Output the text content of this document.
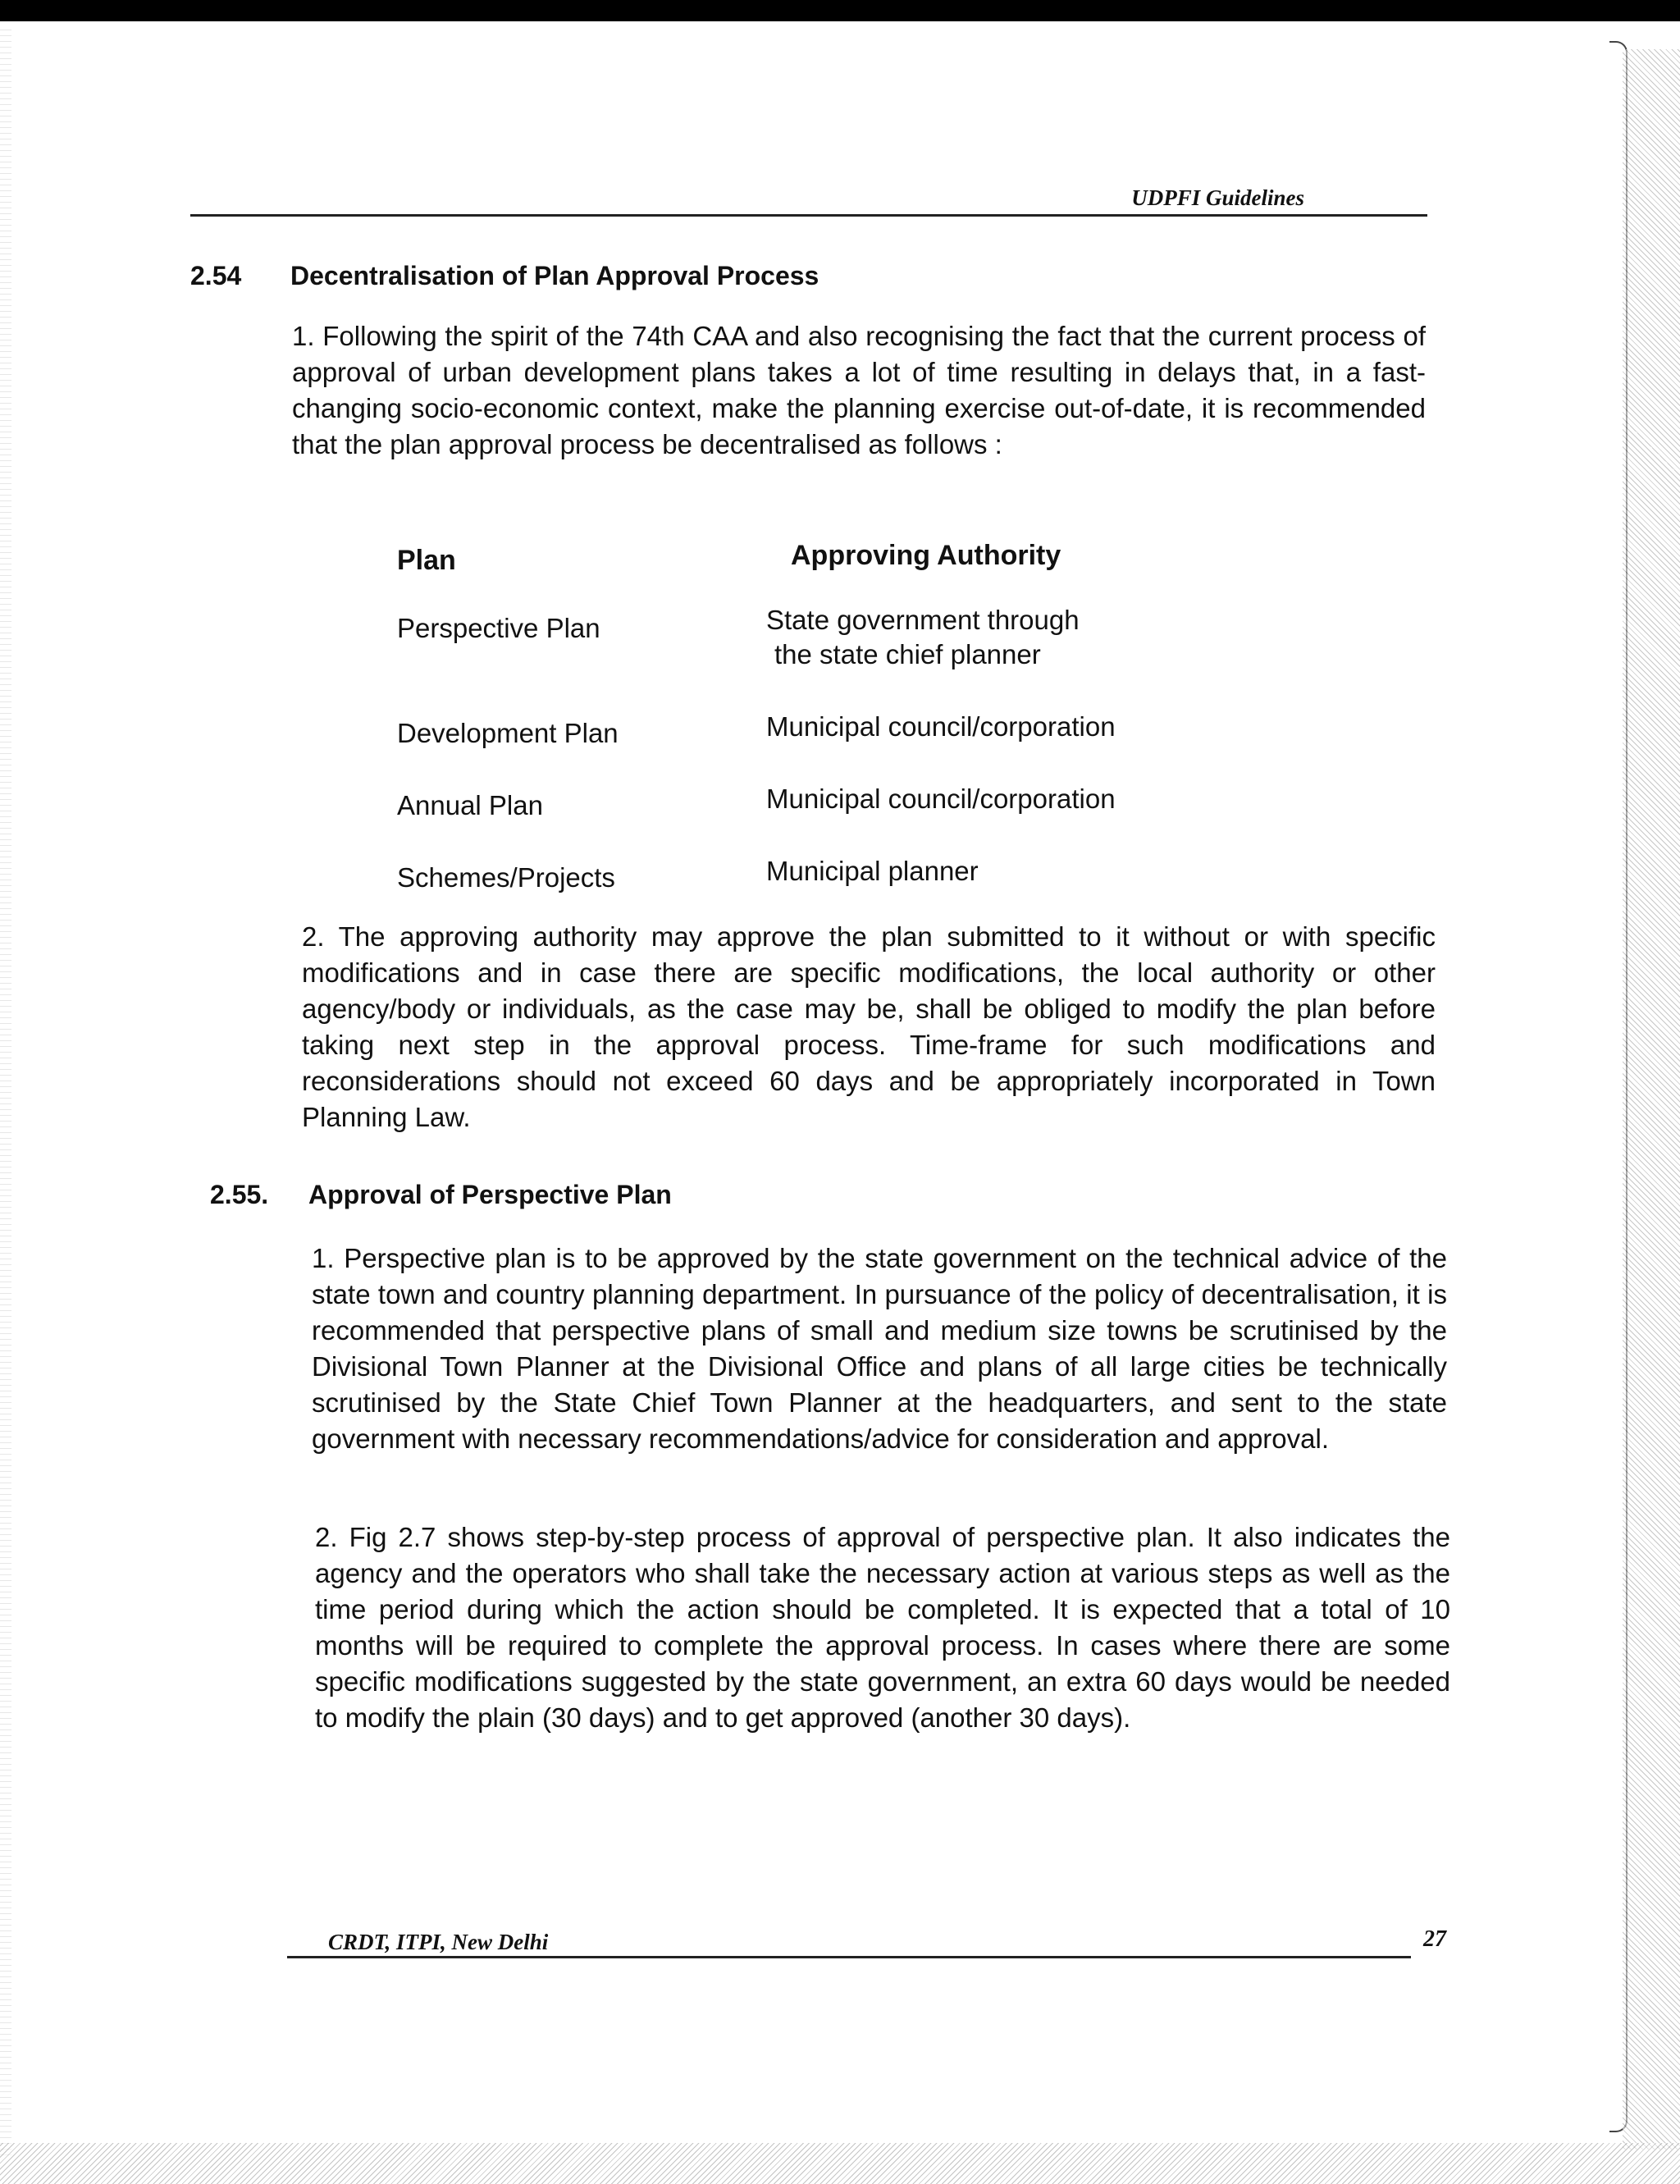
UDPFI Guidelines
2.54 Decentralisation of Plan Approval Process
1. Following the spirit of the 74th CAA and also recognising the fact that the current process of approval of urban development plans takes a lot of time resulting in delays that, in a fast-changing socio-economic context, make the planning exercise out-of-date, it is recommended that the plan approval process be decentralised as follows :
Plan	Approving Authority
Perspective Plan	State government through
the state chief planner
Development Plan	Municipal council/corporation
Annual Plan	Municipal council/corporation
Schemes/Projects	Municipal planner
2. The approving authority may approve the plan submitted to it without or with specific modifications and in case there are specific modifications, the local authority or other agency/body or individuals, as the case may be, shall be obliged to modify the plan before taking next step in the approval process. Time-frame for such modifications and reconsiderations should not exceed 60 days and be appropriately incorporated in Town Planning Law.
2.55. Approval of Perspective Plan
1. Perspective plan is to be approved by the state government on the technical advice of the state town and country planning department. In pursuance of the policy of decentralisation, it is recommended that perspective plans of small and medium size towns be scrutinised by the Divisional Town Planner at the Divisional Office and plans of all large cities be technically scrutinised by the State Chief Town Planner at the headquarters, and sent to the state government with necessary recommendations/advice for consideration and approval.
2. Fig 2.7 shows step-by-step process of approval of perspective plan. It also indicates the agency and the operators who shall take the necessary action at various steps as well as the time period during which the action should be completed. It is expected that a total of 10 months will be required to complete the approval process. In cases where there are some specific modifications suggested by the state government, an extra 60 days would be needed to modify the plain (30 days) and to get approved (another 30 days).
CRDT, ITPI, New Delhi	27
